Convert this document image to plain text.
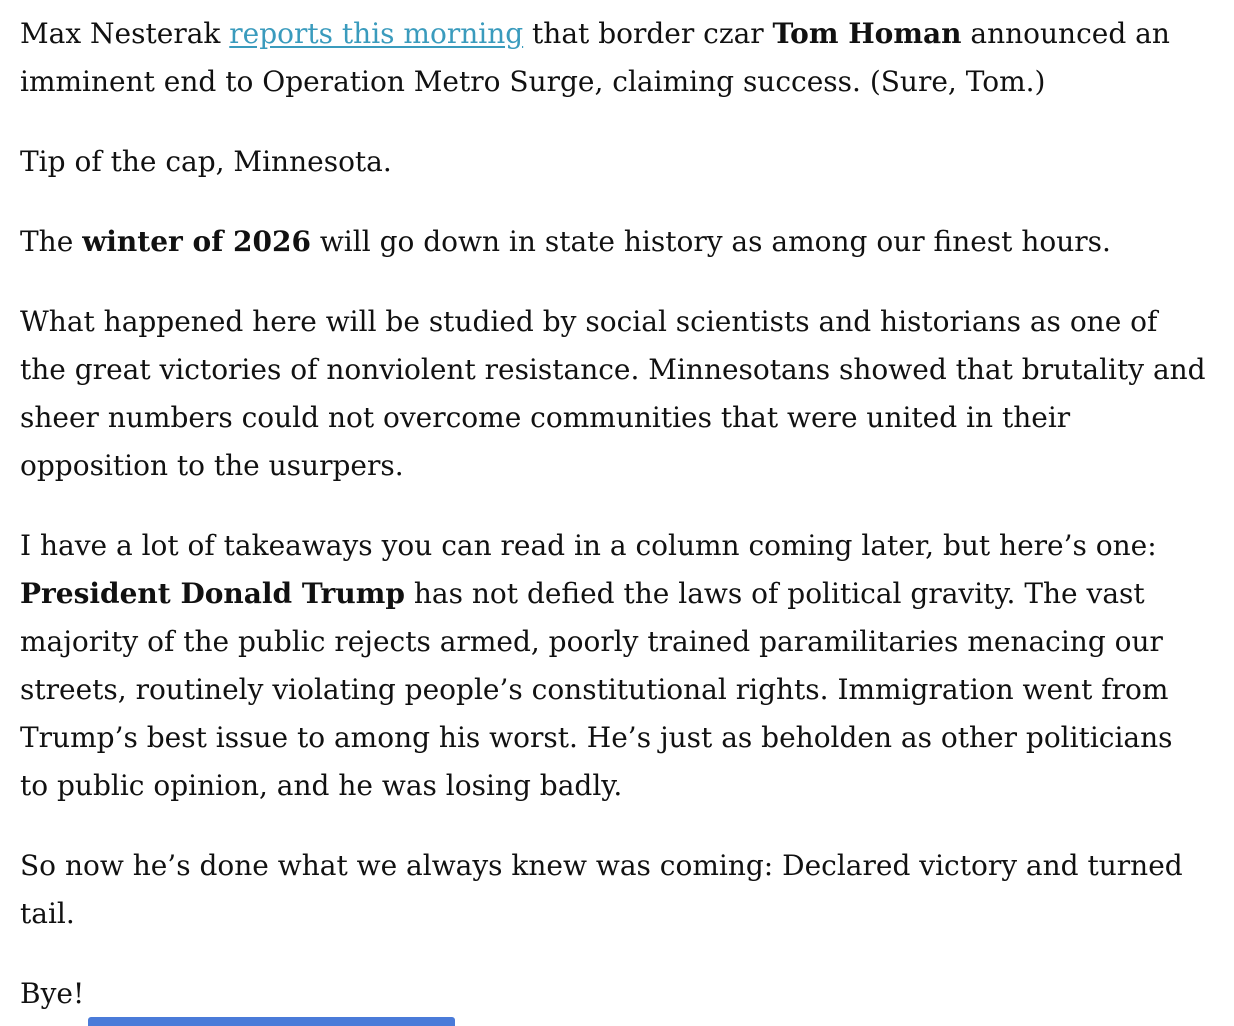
Max Nesterak reports this morning that border czar Tom Homan announced an imminent end to Operation Metro Surge, claiming success. (Sure, Tom.)

Tip of the cap, Minnesota.

The winter of 2026 will go down in state history as among our finest hours.

What happened here will be studied by social scientists and historians as one of the great victories of nonviolent resistance. Minnesotans showed that brutality and sheer numbers could not overcome communities that were united in their opposition to the usurpers.

I have a lot of takeaways you can read in a column coming later, but here’s one: President Donald Trump has not defied the laws of political gravity. The vast majority of the public rejects armed, poorly trained paramilitaries menacing our streets, routinely violating people’s constitutional rights. Immigration went from Trump’s best issue to among his worst. He’s just as beholden as other politicians to public opinion, and he was losing badly.

So now he’s done what we always knew was coming: Declared victory and turned tail.

Bye!
